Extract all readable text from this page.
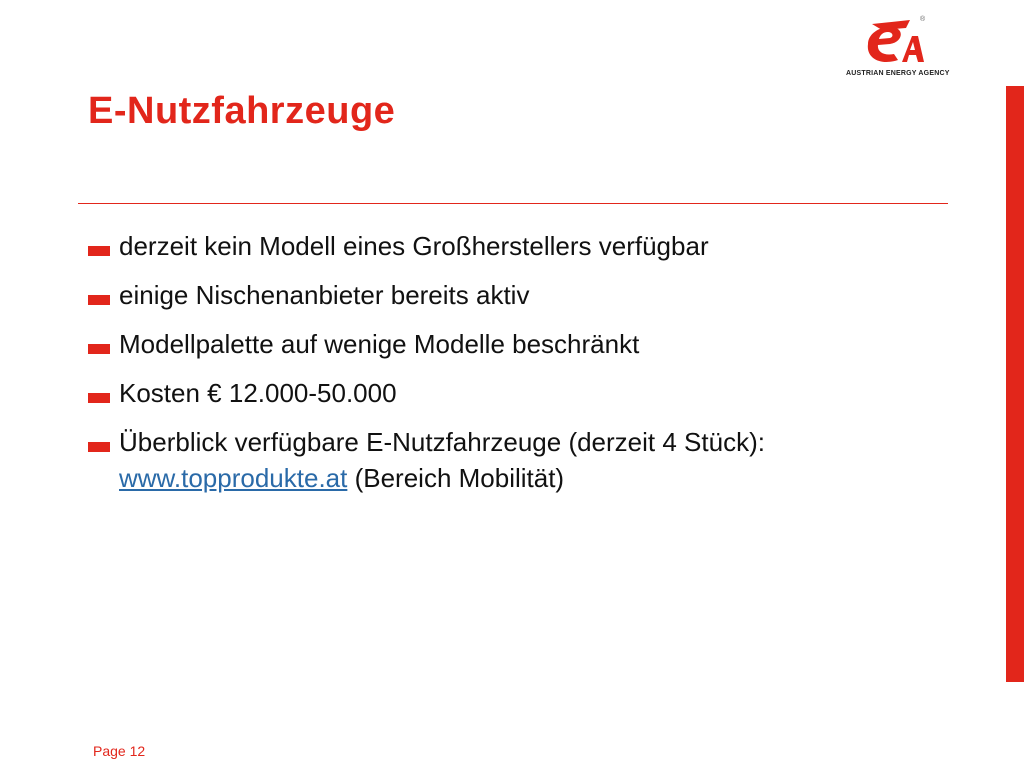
®
AUSTRIAN ENERGY AGENCY
E-Nutzfahrzeuge
derzeit kein Modell eines Großherstellers verfügbar
einige Nischenanbieter bereits aktiv
Modellpalette auf wenige Modelle beschränkt
Kosten € 12.000-50.000
Überblick verfügbare E-Nutzfahrzeuge (derzeit 4 Stück):
www.topprodukte.at (Bereich Mobilität)
Page 12
